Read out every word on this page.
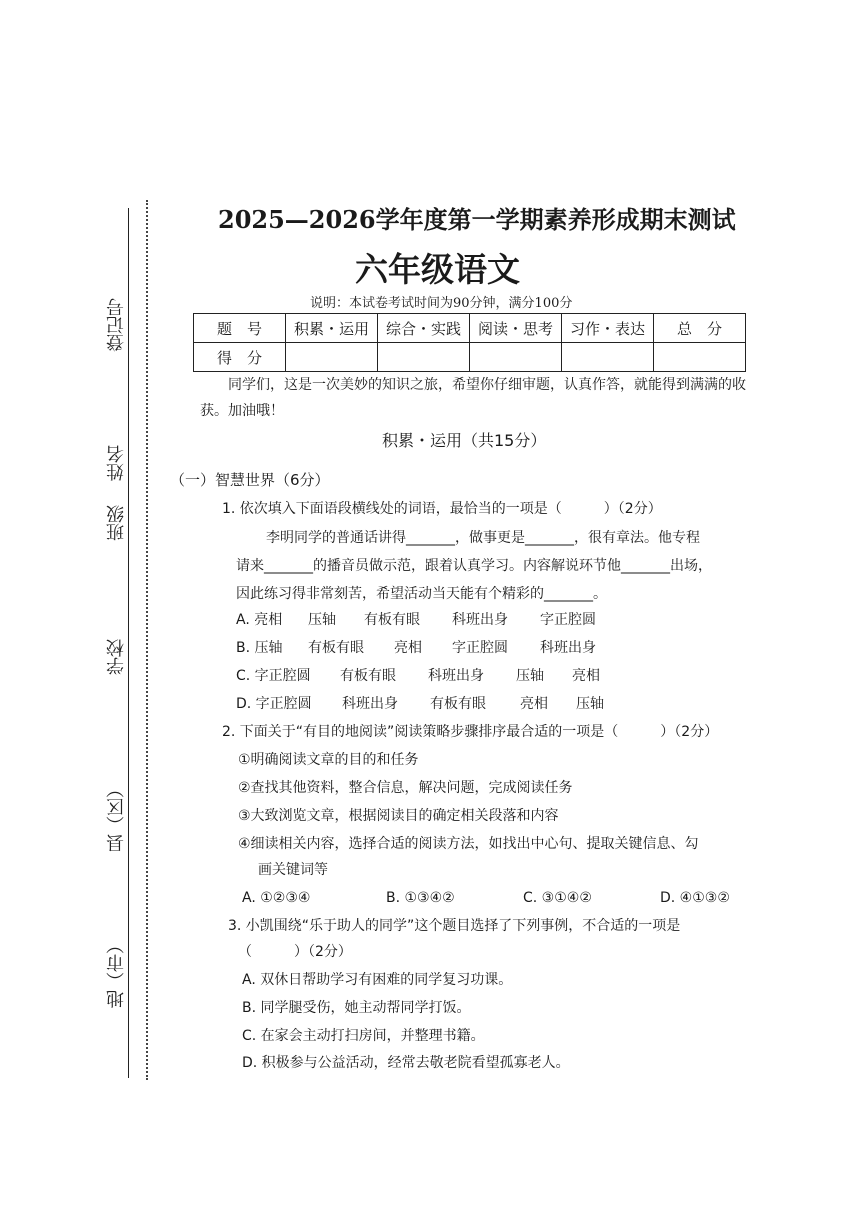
登记号
姓名
班级
学校
县（区）
地（市）
2025—2026学年度第一学期素养形成期末测试
六年级语文
说明：本试卷考试时间为90分钟，满分100分
题　号	积累・运用	综合・实践	阅读・思考	习作・表达	总　分
得　分					
同学们，这是一次美妙的知识之旅，希望你仔细审题，认真作答，就能得到满满的收获。加油哦！
积累・运用（共15分）
（一）智慧世界（6分）
1. 依次填入下面语段横线处的词语，最恰当的一项是（　　　）（2分）
李明同学的普通话讲得_______，做事更是_______，很有章法。他专程
请来_______的播音员做示范，跟着认真学习。内容解说环节他_______出场，
因此练习得非常刻苦，希望活动当天能有个精彩的_______。
A. 亮相 压轴 有板有眼 科班出身 字正腔圆
B. 压轴 有板有眼 亮相 字正腔圆 科班出身
C. 字正腔圆 有板有眼 科班出身 压轴 亮相
D. 字正腔圆 科班出身 有板有眼 亮相 压轴
2. 下面关于“有目的地阅读”阅读策略步骤排序最合适的一项是（　　　）（2分）
①明确阅读文章的目的和任务
②查找其他资料，整合信息，解决问题，完成阅读任务
③大致浏览文章，根据阅读目的确定相关段落和内容
④细读相关内容，选择合适的阅读方法，如找出中心句、提取关键信息、勾
画关键词等
A. ①②③④	B. ①③④②	C. ③①④②	D. ④①③②
3. 小凯围绕“乐于助人的同学”这个题目选择了下列事例，不合适的一项是
（　　　）（2分）
A. 双休日帮助学习有困难的同学复习功课。
B. 同学腿受伤，她主动帮同学打饭。
C. 在家会主动打扫房间，并整理书籍。
D. 积极参与公益活动，经常去敬老院看望孤寡老人。
